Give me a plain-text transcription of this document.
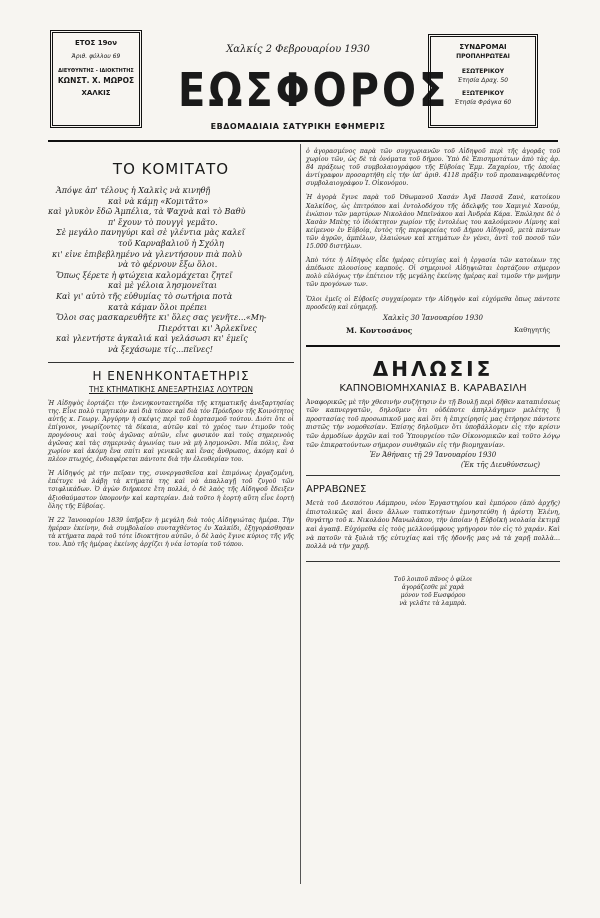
ΕΤΟΣ 19ον
Ἀριθ. φύλλου 69
ΔΙΕΥΘΥΝΤΗΣ - ΙΔΙΟΚΤΗΤΗΣ
ΚΩΝΣΤ. Χ. ΜΩΡΟΣ
ΧΑΛΚΙΣ
Χαλκίς 2 Φεβρουαρίου 1930
ΕΩΣΦΟΡΟΣ
ΕΒΔΟΜΑΔΙΑΙΑ ΣΑΤΥΡΙΚΗ ΕΦΗΜΕΡΙΣ
ΣΥΝΔΡΟΜΑΙ
ΠΡΟΠΛΗΡΩΤΕΑΙ
ΕΣΩΤΕΡΙΚΟΥ
Ἐτησία Δραχ. 50
ΕΞΩΤΕΡΙΚΟΥ
Ἐτησία Φράγκα 60
ΤΟ ΚΟΜΙΤΑΤΟ
Ἀπόψε ἀπ' τέλους ἡ Χαλκὶς νὰ κινηθῇ
καὶ νὰ κάμῃ «Κομιτᾶτο»
καὶ γλυκὸν ἔδῶ Ἀμπέλια, τὰ Ψαχνὰ καὶ τὸ Βαθὺ
π' ἔχουν τὸ πουγγὶ γεμᾶτο.
Σὲ μεγάλο πανηγύρι καὶ σὲ γλέντια μὰς καλεῖ
τοῦ Καρναβαλιοῦ ἡ Σχόλη
κι' εἶνε ἐπιβεβλημένο νὰ γλεντήσουν πιὰ πολὺ
νὰ τὸ φέρνουν ἔξω ὅλοι.
Ὅπως ξέρετε ἡ φτώχεια καλομάχεται ζητεῖ
καὶ μὲ γέλοια λησμονεῖται
Καὶ γι' αὐτὸ τῆς εὐθυμίας τὸ σωτήρια ποτὰ
κατὰ κάμαν ὅλοι πρέπει
Ὅλοι σας μασκαρευθῆτε κι' ὅλες σας γενῆτε...«Μη-
Πιερότται κι' Ἀρλεκῖνες
καὶ γλεντήστε ἀγκαλιά καὶ γελάσωσι κι' ἐμεῖς
νὰ ξεχάσωμε τίς...πεῖνες!
Η ΕΝΕΝΗΚΟΝΤΑΕΤΗΡΙΣ
ΤΗΣ ΚΤΗΜΑΤΙΚΗΣ ΑΝΕΞΑΡΤΗΣΙΑΣ ΛΟΥΤΡΩΝ
Ἡ Αἰδηψὸς ἑορτάζει τὴν ἐνενηκονταετηρίδα τῆς κτηματικῆς ἀνεξαρτησίας της. Εἶνε πολὺ τιμητικὸν καὶ διὰ τόπον καὶ διὰ τὸν Πρόεδρον τῆς Κοινότητος αὐτῆς κ. Γεωργ. Ἀργύρην ἡ σκέψις περὶ τοῦ ἑορτασμοῦ τούτου. Διότι ὅτε οἱ ἐπίγονοι, γνωρίζοντες τὰ δίκαια, αὐτῶν καὶ τὸ χρέος των ἐτιμοῦν τοὺς προγόνους καὶ τοὺς ἀγῶνας αὐτῶν, εἶνε φυσικὸν καὶ τοὺς σημερινοὺς ἀγῶνας καὶ τὰς σημερινὰς ἀγωνίας των νὰ μὴ λησμονῶσι. Μία πόλις, ἕνα χωρίον καὶ ἀκόμη ἕνα σπίτι καὶ γενικῶς καὶ ἕνας ἄνθρωπος, ἀκόμη καὶ ὁ πλέον πτωχός, ἐνδιαφέρεται πάντοτε διὰ τὴν ἐλευθερίαν του.
Ἡ Αἰδηψός μὲ τὴν πεῖραν της, συνεργασθεῖσα καὶ ἐπιμόνως ἐργαζομένη, ἐπέτυχε νὰ λάβῃ τὰ κτήματά της καὶ νὰ ἀπαλλαγῇ τοῦ ζυγοῦ τῶν τσιφλικάδων. Ὁ ἀγὼν διήρκεσε ἔτη πολλά, ὁ δὲ λαὸς τῆς Αἰδηψοῦ ἔδειξεν ἀξιοθαύμαστον ὑπομονὴν καὶ καρτερίαν. Διὰ τοῦτο ἡ ἑορτὴ αὕτη εἶνε ἑορτὴ ὅλης τῆς Εὐβοίας.
Ἡ 22 Ἰανουαρίου 1839 ὑπῆρξεν ἡ μεγάλη διὰ τοὺς Αἰδηψιώτας ἡμέρα. Τὴν ἡμέραν ἐκείνην, διὰ συμβολαίου συνταχθέντος ἐν Χαλκίδι, ἐξηγοράσθησαν τὰ κτήματα παρὰ τοῦ τότε ἰδιοκτήτου αὐτῶν, ὁ δὲ λαὸς ἔγινε κύριος τῆς γῆς του. Ἀπὸ τῆς ἡμέρας ἐκείνης ἀρχίζει ἡ νέα ἱστορία τοῦ τόπου.
ὁ ἀγορασμένος παρὰ τῶν συγχωριανῶν τοῦ Αἰδηψοῦ περὶ τῆς ἀγορᾶς τοῦ χωρίου τῶν, ὡς δὲ τὰ ὀνόματα τοῦ δήμου. Ὑπὸ δὲ Ἐπισημοτάτων ἀπὸ τὰς ἀρ. 84 πράξεως τοῦ συμβολαιογράφου τῆς Εὐβοίας Ἐμμ. Ζαχαρίου, τῆς ὁποίας ἀντίγραφον προσαρτήθη εἰς τὴν ὑπ' ἀριθ. 4118 πρᾶξιν τοῦ προπαναφερθέντος συμβολαιογράφου Ἰ. Οἰκονόμου.
Ἡ ἀγορὰ ἔγινε παρὰ τοῦ Ὀθωμανοῦ Χασάν Ἀγᾶ Πασσᾶ Ζανὲ, κατοίκου Χαλκίδος, ὡς ἐπιτρόπου καὶ ἐντολοδόχου τῆς ἀδελφῆς του Χαμιγιὲ Χανούμ, ἐνώπιον τῶν μαρτύρων Νικολάου Μπεϊνάκου καὶ Ἀνδρέα Κάρα. Ἐπώλησε δὲ ὁ Χασὰν Μπὲης τὸ ἰδιόκτητον χωρίον τῆς ἐντολέως του καλούμενον Λίμνης καὶ κείμενον ἐν Εὐβοίᾳ, ἐντὸς τῆς περιφερείας τοῦ Δήμου Αἰδηψοῦ, μετὰ πάντων τῶν ἀγρῶν, ἀμπέλων, ἐλαιώνων καὶ κτημάτων ἐν γένει, ἀντὶ τοῦ ποσοῦ τῶν 15.000 διστήλων.
Ἀπὸ τότε ἡ Αἰδηψὸς εἶδε ἡμέρας εὐτυχίας καὶ ἡ ἐργασία τῶν κατοίκων της ἀπέδωσε πλουσίους καρπούς. Οἱ σημερινοὶ Αἰδηψιῶται ἑορτάζουν σήμερον πολὺ εὐλόγως τὴν ἐπέτειον τῆς μεγάλης ἐκείνης ἡμέρας καὶ τιμοῦν τὴν μνήμην τῶν προγόνων των.
Ὅλοι ἐμεῖς οἱ Εὐβοεῖς συγχαίρομεν τὴν Αἰδηψὸν καὶ εὐχόμεθα ὅπως πάντοτε προοδεύῃ καὶ εὐημερῇ.
Χαλκὶς 30 Ἰανουαρίου 1930
Μ. Κοντοσάνος	Καθηγητής
ΔΗΛΩΣΙΣ
ΚΑΠΝΟΒΙΟΜΗΧΑΝΙΑΣ Β. ΚΑΡΑΒΑΣΙΛΗ
Ἀναφορικῶς μὲ τὴν χθεσινὴν συζήτησιν ἐν τῇ Βουλῇ περὶ δῆθεν καταπιέσεως τῶν καπνεργατῶν, δηλοῦμεν ὅτι οὐδέποτε ἀπηλλάγημεν μελέτης ἢ προστασίας τοῦ προσωπικοῦ μας καὶ ὅτι ἡ ἐπιχείρησίς μας ἐτήρησε πάντοτε πιστῶς τὴν νομοθεσίαν. Ἐπίσης δηλοῦμεν ὅτι ὑποβάλλομεν εἰς τὴν κρίσιν τῶν ἁρμοδίων ἀρχῶν καὶ τοῦ Ὑπουργείου τῶν Οἰκονομικῶν καὶ τοῦτο λόγῳ τῶν ἐπικρατούντων σήμερον συνθηκῶν εἰς τὴν βιομηχανίαν.
Ἐν Ἀθήναις τῇ 29 Ἰανουαρίου 1930
(Ἐκ τῆς Διευθύνσεως)
ΑΡΡΑΒΩΝΕΣ
Μετὰ τοῦ Δεσπότου Λάμπρου, νέου Ἐργαστηρίου καὶ ἐμπόρου (ἀπὸ ἀρχῆς) ἐπιστολικῶς καὶ ἄνευ ἄλλων τυπικοτήτων ἐμνηστεύθη ἡ ἀρίστη Ἑλένη, θυγάτηρ τοῦ κ. Νικολάου Μανωλάκου, τὴν ὁποίαν ἡ Εὐβοϊκὴ νεολαία ἐκτιμᾷ καὶ ἀγαπᾷ. Εὐχόμεθα εἰς τοὺς μελλονύμφους γρήγορον τὸν εἰς τὸ χαράν. Καὶ νὰ πατοῦν τὰ ξυλιὰ τῆς εὐτυχίας καὶ τῆς ἡδονῆς μας νὰ τὰ χαρῇ πολλὰ... πολλὰ νὰ τὴν χαρῇ.
Τοῦ λοιποῦ πᾶνος ὁ φίλοι
ἀγοράζεσθε μὲ χαρὰ
μόνον τοῦ Εωσφόρου
νὰ γελᾶτε τὰ λαμπρὰ.
